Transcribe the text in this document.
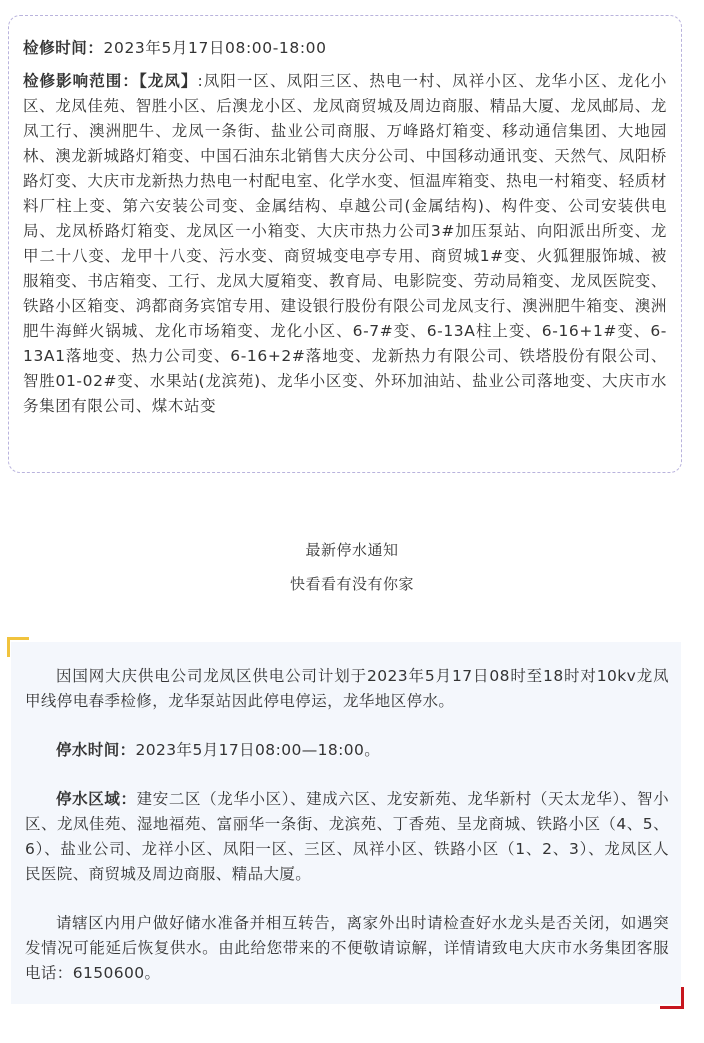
检修时间：2023年5月17日08:00-18:00

检修影响范围：【龙凤】:凤阳一区、凤阳三区、热电一村、凤祥小区、龙华小区、龙化小区、龙凤佳苑、智胜小区、后澳龙小区、龙凤商贸城及周边商服、精品大厦、龙凤邮局、龙凤工行、澳洲肥牛、龙凤一条街、盐业公司商服、万峰路灯箱变、移动通信集团、大地园林、澳龙新城路灯箱变、中国石油东北销售大庆分公司、中国移动通讯变、天然气、凤阳桥路灯变、大庆市龙新热力热电一村配电室、化学水变、恒温库箱变、热电一村箱变、轻质材料厂柱上变、第六安装公司变、金属结构、卓越公司(金属结构)、构件变、公司安装供电局、龙凤桥路灯箱变、龙凤区一小箱变、大庆市热力公司3#加压泵站、向阳派出所变、龙甲二十八变、龙甲十八变、污水变、商贸城变电亭专用、商贸城1#变、火狐狸服饰城、被服箱变、书店箱变、工行、龙凤大厦箱变、教育局、电影院变、劳动局箱变、龙凤医院变、铁路小区箱变、鸿都商务宾馆专用、建设银行股份有限公司龙凤支行、澳洲肥牛箱变、澳洲肥牛海鲜火锅城、龙化市场箱变、龙化小区、6-7#变、6-13A柱上变、6-16+1#变、6-13A1落地变、热力公司变、6-16+2#落地变、龙新热力有限公司、铁塔股份有限公司、智胜01-02#变、水果站(龙滨苑)、龙华小区变、外环加油站、盐业公司落地变、大庆市水务集团有限公司、煤木站变

最新停水通知
快看看有没有你家

因国网大庆供电公司龙凤区供电公司计划于2023年5月17日08时至18时对10kv龙凤甲线停电春季检修，龙华泵站因此停电停运，龙华地区停水。

停水时间：2023年5月17日08:00—18:00。

停水区域：建安二区（龙华小区）、建成六区、龙安新苑、龙华新村（天太龙华）、智小区、龙凤佳苑、湿地福苑、富丽华一条街、龙滨苑、丁香苑、呈龙商城、铁路小区（4、5、6）、盐业公司、龙祥小区、凤阳一区、三区、凤祥小区、铁路小区（1、2、3）、龙凤区人民医院、商贸城及周边商服、精品大厦。

请辖区内用户做好储水准备并相互转告，离家外出时请检查好水龙头是否关闭，如遇突发情况可能延后恢复供水。由此给您带来的不便敬请谅解，详情请致电大庆市水务集团客服电话：6150600。
